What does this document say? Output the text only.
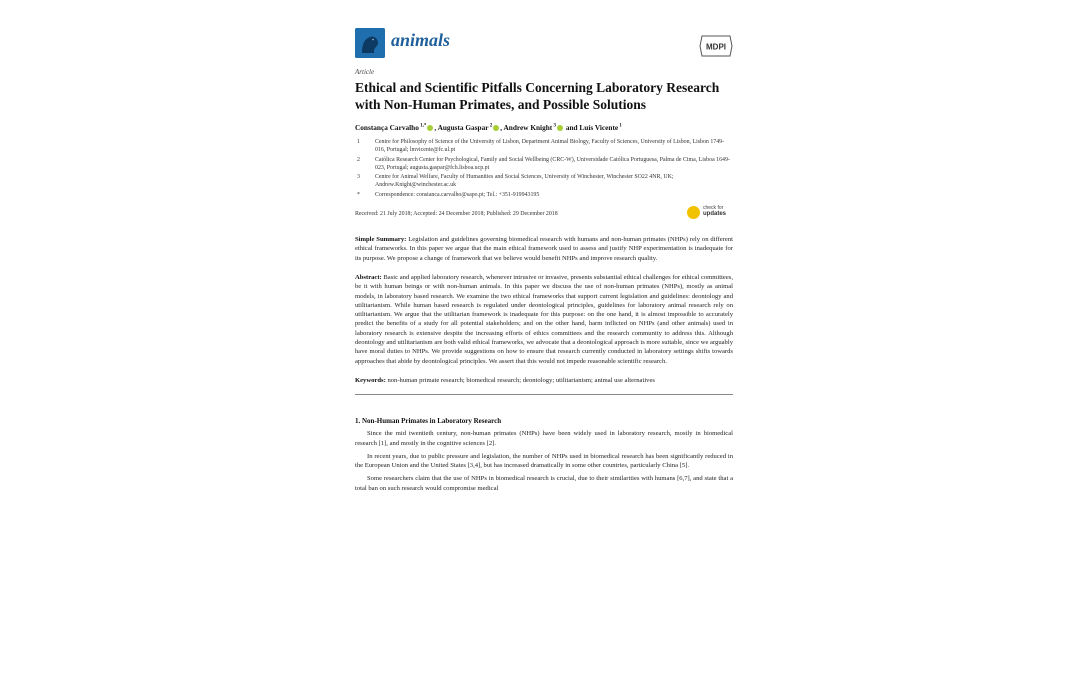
animals	MDPI
Article
Ethical and Scientific Pitfalls Concerning Laboratory Research with Non-Human Primates, and Possible Solutions
Constança Carvalho $^{1,*}$ , Augusta Gaspar $^2$ , Andrew Knight $^3$ and Luís Vicente $^1$
1	Centre for Philosophy of Science of the University of Lisbon, Department Animal Biology, Faculty of Sciences, University of Lisbon, Lisbon 1749-016, Portugal; lmvicente@fc.ul.pt
2	Católica Research Center for Psychological, Family and Social Wellbeing (CRC-W), Universidade Católica Portuguesa, Palma de Cima, Lisboa 1649-023, Portugal; augusta.gaspar@fch.lisboa.ucp.pt
3	Centre for Animal Welfare, Faculty of Humanities and Social Sciences, University of Winchester, Winchester SO22 4NR, UK; Andrew.Knight@winchester.ac.uk
*	Correspondence: constanca.carvalho@sapo.pt; Tel.: +351-919943195
Received: 21 July 2018; Accepted: 24 December 2018; Published: 29 December 2018
check for
updates
Simple Summary: Legislation and guidelines governing biomedical research with humans and non-human primates (NHPs) rely on different ethical frameworks. In this paper we argue that the main ethical framework used to assess and justify NHP experimentation is inadequate for its purpose. We propose a change of framework that we believe would benefit NHPs and improve research quality.
Abstract: Basic and applied laboratory research, whenever intrusive or invasive, presents substantial ethical challenges for ethical committees, be it with human beings or with non-human animals. In this paper we discuss the use of non-human primates (NHPs), mostly as animal models, in laboratory based research. We examine the two ethical frameworks that support current legislation and guidelines: deontology and utilitarianism. While human based research is regulated under deontological principles, guidelines for laboratory animal research rely on utilitarianism. We argue that the utilitarian framework is inadequate for this purpose: on the one hand, it is almost impossible to accurately predict the benefits of a study for all potential stakeholders; and on the other hand, harm inflicted on NHPs (and other animals) used in laboratory research is extensive despite the increasing efforts of ethics committees and the research community to address this. Although deontology and utilitarianism are both valid ethical frameworks, we advocate that a deontological approach is more suitable, since we arguably have moral duties to NHPs. We provide suggestions on how to ensure that research currently conducted in laboratory settings shifts towards approaches that abide by deontological principles. We assert that this would not impede reasonable scientific research.
Keywords: non-human primate research; biomedical research; deontology; utilitarianism; animal use alternatives
1. Non-Human Primates in Laboratory Research
Since the mid twentieth century, non-human primates (NHPs) have been widely used in laboratory research, mostly in biomedical research [1], and mostly in the cognitive sciences [2].
In recent years, due to public pressure and legislation, the number of NHPs used in biomedical research has been significantly reduced in the European Union and the United States [3,4], but has increased dramatically in some other countries, particularly China [5].
Some researchers claim that the use of NHPs in biomedical research is crucial, due to their similarities with humans [6,7], and state that a total ban on such research would compromise medical
